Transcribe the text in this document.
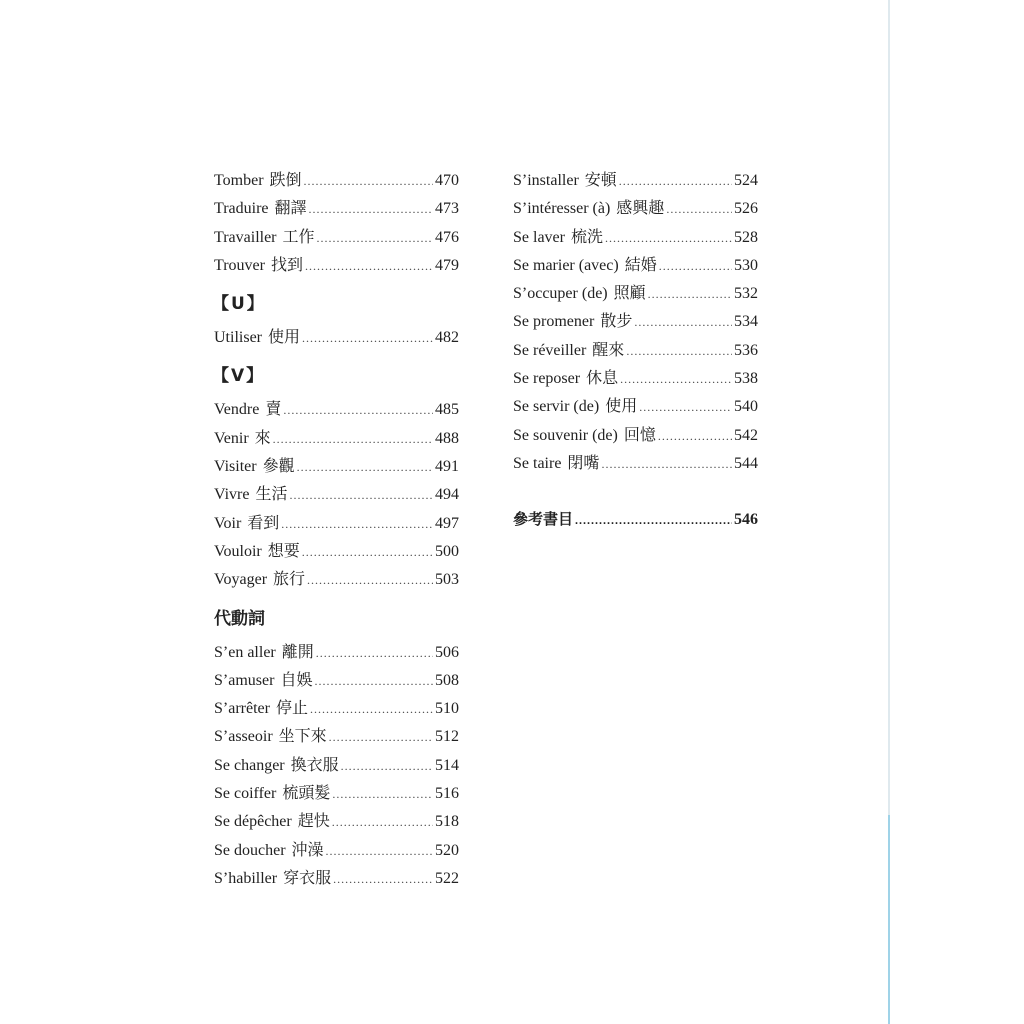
Tomber 跌倒 .....	470
Traduire 翻譯 .....	473
Travailler 工作 .....	476
Trouver 找到 .....	479
【U】
Utiliser 使用 .....	482
【V】
Vendre 賣 .....	485
Venir 來 .....	488
Visiter 參觀 .....	491
Vivre 生活 .....	494
Voir 看到 .....	497
Vouloir 想要 .....	500
Voyager 旅行 .....	503
代動詞
S’en aller 離開 .....	506
S’amuser 自娛 .....	508
S’arrêter 停止 .....	510
S’asseoir 坐下來 .....	512
Se changer 換衣服 .....	514
Se coiffer 梳頭髮 .....	516
Se dépêcher 趕快 .....	518
Se doucher 沖澡 .....	520
S’habiller 穿衣服 .....	522
S’installer 安頓 .....	524
S’intéresser (à) 感興趣 .....	526
Se laver 梳洗 .....	528
Se marier (avec) 結婚 .....	530
S’occuper (de) 照顧 .....	532
Se promener 散步 .....	534
Se réveiller 醒來 .....	536
Se reposer 休息 .....	538
Se servir (de) 使用 .....	540
Se souvenir (de) 回憶 .....	542
Se taire 閉嘴 .....	544
參考書目 .....	546
